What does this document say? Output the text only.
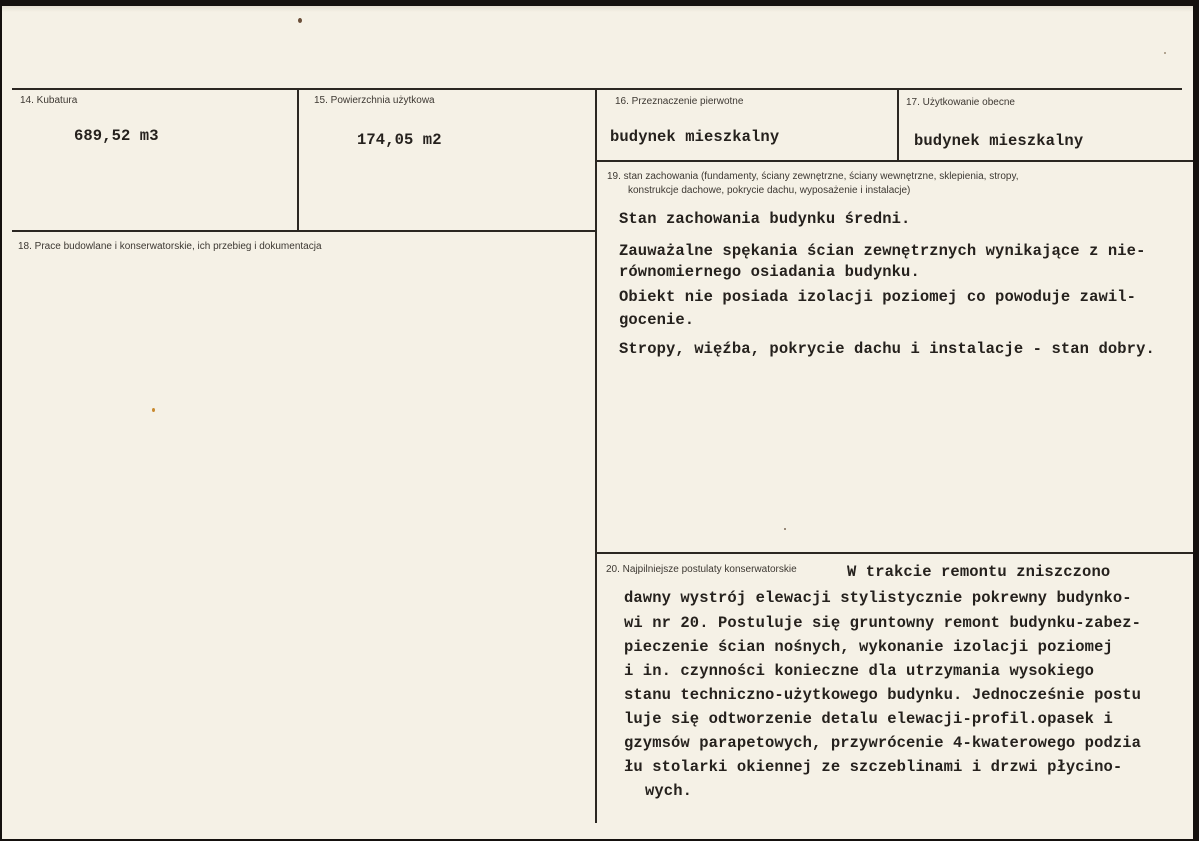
14. Kubatura
689,52 m3
15. Powierzchnia użytkowa
174,05 m2
16. Przeznaczenie pierwotne
budynek mieszkalny
17. Użytkowanie obecne
budynek mieszkalny
18. Prace budowlane i konserwatorskie, ich przebieg i dokumentacja
19. stan zachowania (fundamenty, ściany zewnętrzne, ściany wewnętrzne, sklepienia, stropy,
konstrukcje dachowe, pokrycie dachu, wyposażenie i instalacje)
Stan zachowania budynku średni.
Zauważalne spękania ścian zewnętrznych wynikające z nie-
równomiernego osiadania budynku.
Obiekt nie posiada izolacji poziomej co powoduje zawil-
gocenie.
Stropy, więźba, pokrycie dachu i instalacje - stan dobry.
20. Najpilniejsze postulaty konserwatorskie	W trakcie remontu zniszczono
dawny wystrój elewacji stylistycznie pokrewny budynko-
wi nr 20. Postuluje się gruntowny remont budynku-zabez-
pieczenie ścian nośnych, wykonanie izolacji poziomej
i in. czynności konieczne dla utrzymania wysokiego
stanu techniczno-użytkowego budynku. Jednocześnie postu
luje się odtworzenie detalu elewacji-profil.opasek i
gzymsów parapetowych, przywrócenie 4-kwaterowego podzia
łu stolarki okiennej ze szczeblinami i drzwi płycino-
wych.
